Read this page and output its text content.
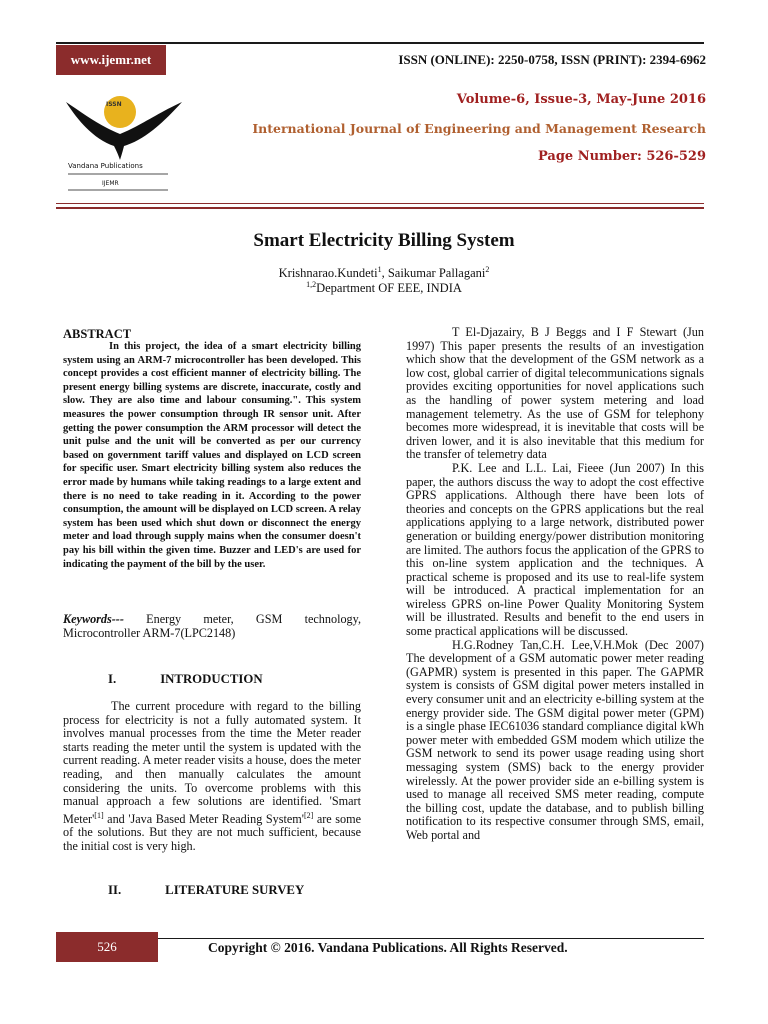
www.ijemr.net	ISSN (ONLINE): 2250-0758, ISSN (PRINT): 2394-6962
ISSN
Vandana Publications
IJEMR
Volume-6, Issue-3, May-June 2016
International Journal of Engineering and Management Research
Page Number: 526-529
Smart Electricity Billing System
Krishnarao.Kundeti$^1$, Saikumar Pallagani$^2$
$^{1,2}$Department OF EEE, INDIA
ABSTRACT
In this project, the idea of a smart electricity billing system using an ARM-7 microcontroller has been developed. This concept provides a cost efficient manner of electricity billing. The present energy billing systems are discrete, inaccurate, costly and slow. They are also time and labour consuming.". This system measures the power consumption through IR sensor unit. After getting the power consumption the ARM processor will detect the unit pulse and the unit will be converted as per our currency based on government tariff values and displayed on LCD screen for specific user. Smart electricity billing system also reduces the error made by humans while taking readings to a large extent and there is no need to take reading in it. According to the power consumption, the amount will be displayed on LCD screen. A relay system has been used which shut down or disconnect the energy meter and load through supply mains when the consumer doesn't pay his bill within the given time. Buzzer and LED's are used for indicating the payment of the bill by the user.
Keywords--- Energy meter, GSM technology, Microcontroller ARM-7(LPC2148)
I.	INTRODUCTION
The current procedure with regard to the billing process for electricity is not a fully automated system. It involves manual processes from the time the Meter reader starts reading the meter until the system is updated with the current reading. A meter reader visits a house, does the meter reading, and then manually calculates the amount considering the units. To overcome problems with this manual approach a few solutions are identified. 'Smart Meter'[1] and 'Java Based Meter Reading System'[2] are some of the solutions. But they are not much sufficient, because the initial cost is very high.
II.	LITERATURE SURVEY

T El-Djazairy, B J Beggs and I F Stewart (Jun 1997) This paper presents the results of an investigation which show that the development of the GSM network as a low cost, global carrier of digital telecommunications signals provides exciting opportunities for novel applications such as the handling of power system metering and load management telemetry. As the use of GSM for telephony becomes more widespread, it is inevitable that costs will be driven lower, and it is also inevitable that this medium for the transfer of telemetry data

P.K. Lee and L.L. Lai, Fieee (Jun 2007) In this paper, the authors discuss the way to adopt the cost effective GPRS applications. Although there have been lots of theories and concepts on the GPRS applications but the real applications applying to a large network, distributed power generation or building energy/power distribution monitoring are limited. The authors focus the application of the GPRS to this on-line system application and the techniques. A practical scheme is proposed and its use to real-life system will be introduced. A practical implementation for an wireless GPRS on-line Power Quality Monitoring System will be illustrated. Results and benefit to the end users in some practical applications will be discussed.

H.G.Rodney Tan,C.H. Lee,V.H.Mok (Dec 2007) The development of a GSM automatic power meter reading (GAPMR) system is presented in this paper. The GAPMR system is consists of GSM digital power meters installed in every consumer unit and an electricity e-billing system at the energy provider side. The GSM digital power meter (GPM) is a single phase IEC61036 standard compliance digital kWh power meter with embedded GSM modem which utilize the GSM network to send its power usage reading using short messaging system (SMS) back to the energy provider wirelessly. At the power provider side an e-billing system is used to manage all received SMS meter reading, compute the billing cost, update the database, and to publish billing notification to its respective consumer through SMS, email, Web portal and

526	Copyright © 2016. Vandana Publications. All Rights Reserved.
